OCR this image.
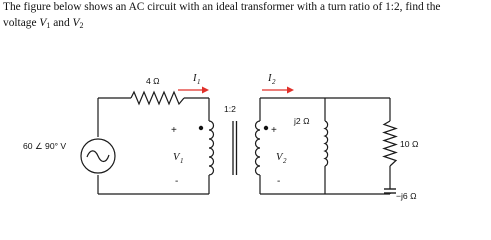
The figure below shows an AC circuit with an ideal transformer with a turn ratio of 1:2, find the
voltage $V_1$ and $V_2$

60 ∠ 90° V
4 Ω	I 1
+
V 1
-
1:2
I 2
+
V 2
-
j2 Ω
10 Ω
−j6 Ω
